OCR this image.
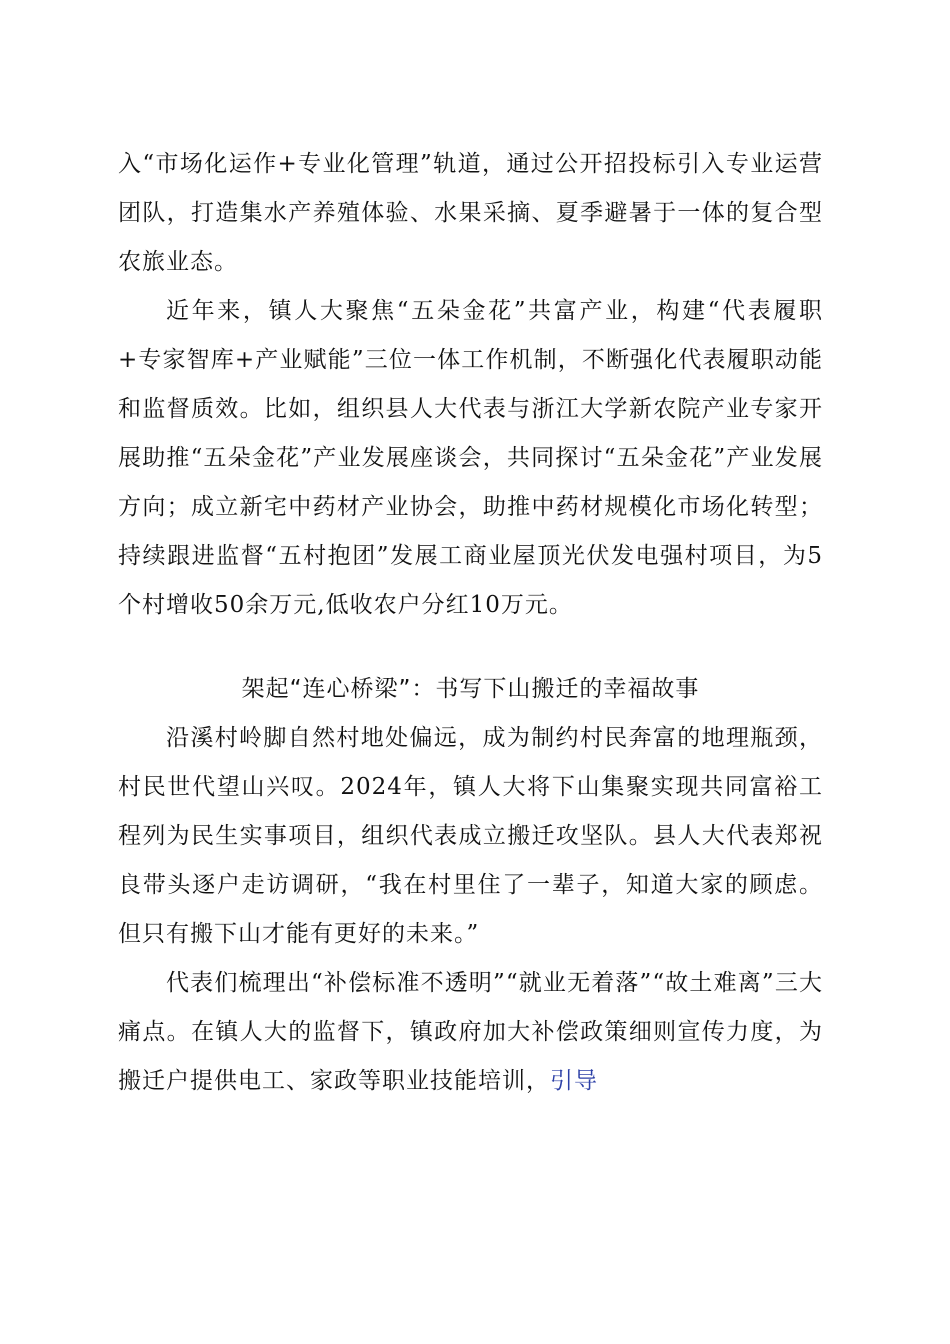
入“市场化运作+专业化管理”轨道，通过公开招投标引入专业运营团队，打造集水产养殖体验、水果采摘、夏季避暑于一体的复合型农旅业态。

近年来，镇人大聚焦“五朵金花”共富产业，构建“代表履职+专家智库+产业赋能”三位一体工作机制，不断强化代表履职动能和监督质效。比如，组织县人大代表与浙江大学新农院产业专家开展助推“五朵金花”产业发展座谈会，共同探讨“五朵金花”产业发展方向；成立新宅中药材产业协会，助推中药材规模化市场化转型；持续跟进监督“五村抱团”发展工商业屋顶光伏发电强村项目，为5个村增收50余万元,低收农户分红10万元。

架起“连心桥梁”：书写下山搬迁的幸福故事

沿溪村岭脚自然村地处偏远，成为制约村民奔富的地理瓶颈，村民世代望山兴叹。2024年，镇人大将下山集聚实现共同富裕工程列为民生实事项目，组织代表成立搬迁攻坚队。县人大代表郑祝良带头逐户走访调研，“我在村里住了一辈子，知道大家的顾虑。但只有搬下山才能有更好的未来。”

代表们梳理出“补偿标准不透明”“就业无着落”“故土难离”三大痛点。在镇人大的监督下，镇政府加大补偿政策细则宣传力度，为搬迁户提供电工、家政等职业技能培训，引导
